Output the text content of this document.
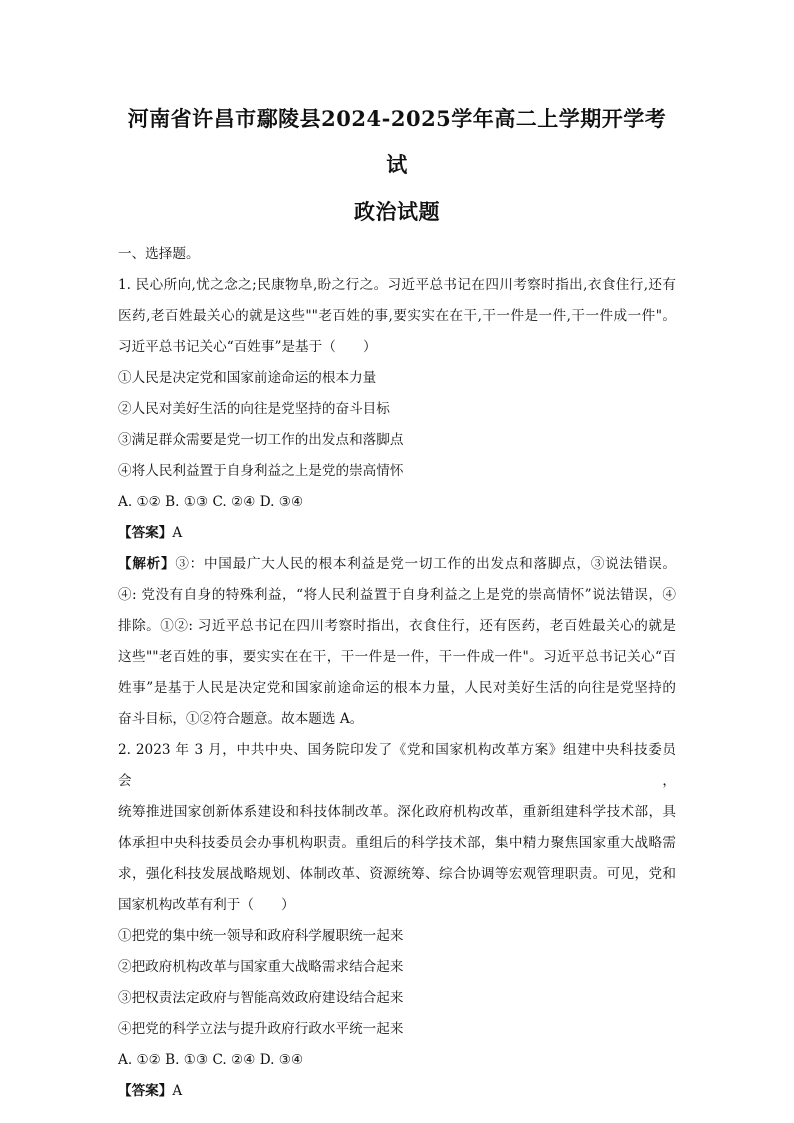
河南省许昌市鄢陵县2024-2025学年高二上学期开学考试

政治试题

一、选择题。

1. 民心所向,忧之念之;民康物阜,盼之行之。习近平总书记在四川考察时指出,衣食住行,还有

医药,老百姓最关心的就是这些""老百姓的事,要实实在在干,干一件是一件,干一件成一件"。

习近平总书记关心“百姓事”是基于（　　）

①人民是决定党和国家前途命运的根本力量

②人民对美好生活的向往是党坚持的奋斗目标

③满足群众需要是党一切工作的出发点和落脚点

④将人民利益置于自身利益之上是党的崇高情怀

A. ①② B. ①③ C. ②④ D. ③④

【答案】A

【解析】③：中国最广大人民的根本利益是党一切工作的出发点和落脚点，③说法错误。

④: 党没有自身的特殊利益，“将人民利益置于自身利益之上是党的崇高情怀”说法错误，④

排除。①②: 习近平总书记在四川考察时指出，衣食住行，还有医药，老百姓最关心的就是

这些""老百姓的事，要实实在在干，干一件是一件，干一件成一件"。习近平总书记关心“百

姓事”是基于人民是决定党和国家前途命运的根本力量，人民对美好生活的向往是党坚持的

奋斗目标，①②符合题意。故本题选 A。

2. 2023 年 3 月，中共中央、国务院印发了《党和国家机构改革方案》组建中央科技委员会，

统筹推进国家创新体系建设和科技体制改革。深化政府机构改革，重新组建科学技术部，具

体承担中央科技委员会办事机构职责。重组后的科学技术部，集中精力聚焦国家重大战略需

求，强化科技发展战略规划、体制改革、资源统筹、综合协调等宏观管理职责。可见，党和

国家机构改革有利于（　　）

①把党的集中统一领导和政府科学履职统一起来

②把政府机构改革与国家重大战略需求结合起来

③把权责法定政府与智能高效政府建设结合起来

④把党的科学立法与提升政府行政水平统一起来

A. ①② B. ①③ C. ②④ D. ③④

【答案】A
